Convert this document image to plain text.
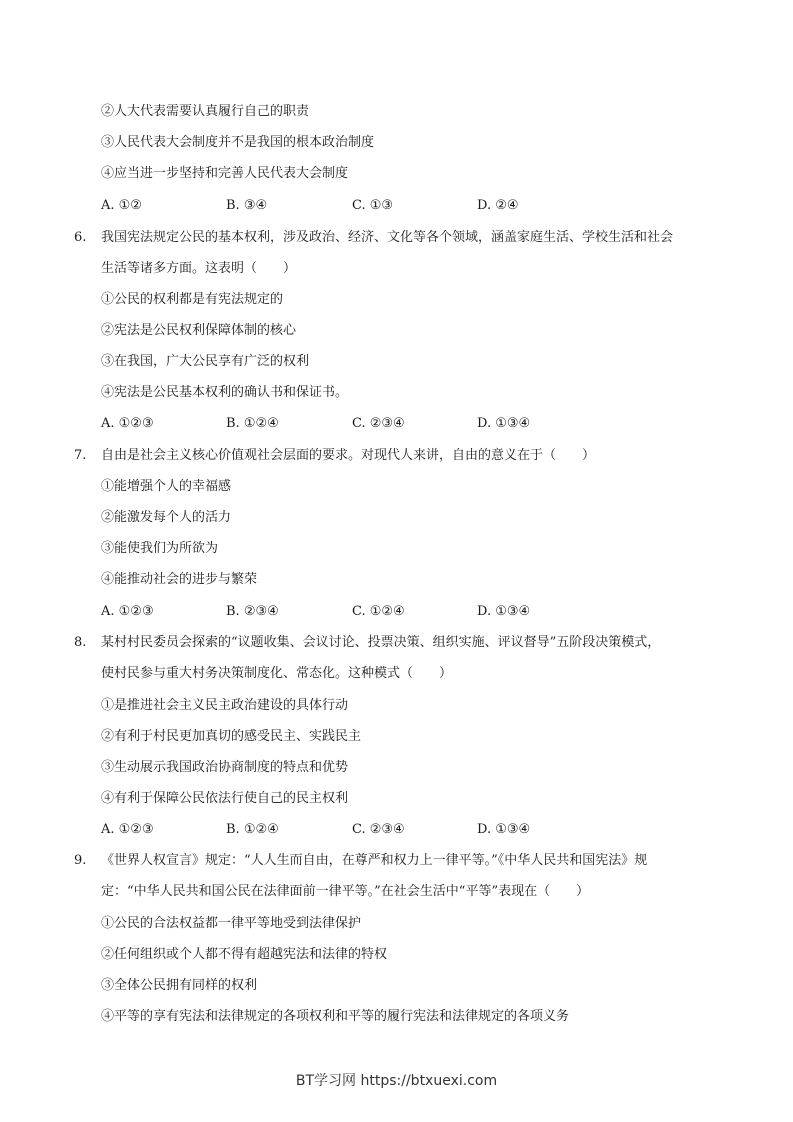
②人大代表需要认真履行自己的职责
③人民代表大会制度并不是我国的根本政治制度
④应当进一步坚持和完善人民代表大会制度
A. ①②	B. ③④	C. ①③	D. ②④
6. 我国宪法规定公民的基本权利，涉及政治、经济、文化等各个领域，涵盖家庭生活、学校生活和社会
生活等诸多方面。这表明（　　）
①公民的权利都是有宪法规定的
②宪法是公民权利保障体制的核心
③在我国，广大公民享有广泛的权利
④宪法是公民基本权利的确认书和保证书。
A. ①②③	B. ①②④	C. ②③④	D. ①③④
7. 自由是社会主义核心价值观社会层面的要求。对现代人来讲，自由的意义在于（　　）
①能增强个人的幸福感
②能激发每个人的活力
③能使我们为所欲为
④能推动社会的进步与繁荣
A. ①②③	B. ②③④	C. ①②④	D. ①③④
8. 某村村民委员会探索的“议题收集、会议讨论、投票决策、组织实施、评议督导”五阶段决策模式，
使村民参与重大村务决策制度化、常态化。这种模式（　　）
①是推进社会主义民主政治建设的具体行动
②有利于村民更加真切的感受民主、实践民主
③生动展示我国政治协商制度的特点和优势
④有利于保障公民依法行使自己的民主权利
A. ①②③	B. ①②④	C. ②③④	D. ①③④
9. 《世界人权宣言》规定：“人人生而自由，在尊严和权力上一律平等。”《中华人民共和国宪法》规
定：“中华人民共和国公民在法律面前一律平等。”在社会生活中“平等”表现在（　　）
①公民的合法权益都一律平等地受到法律保护
②任何组织或个人都不得有超越宪法和法律的特权
③全体公民拥有同样的权利
④平等的享有宪法和法律规定的各项权利和平等的履行宪法和法律规定的各项义务
BT学习网 https://btxuexi.com
